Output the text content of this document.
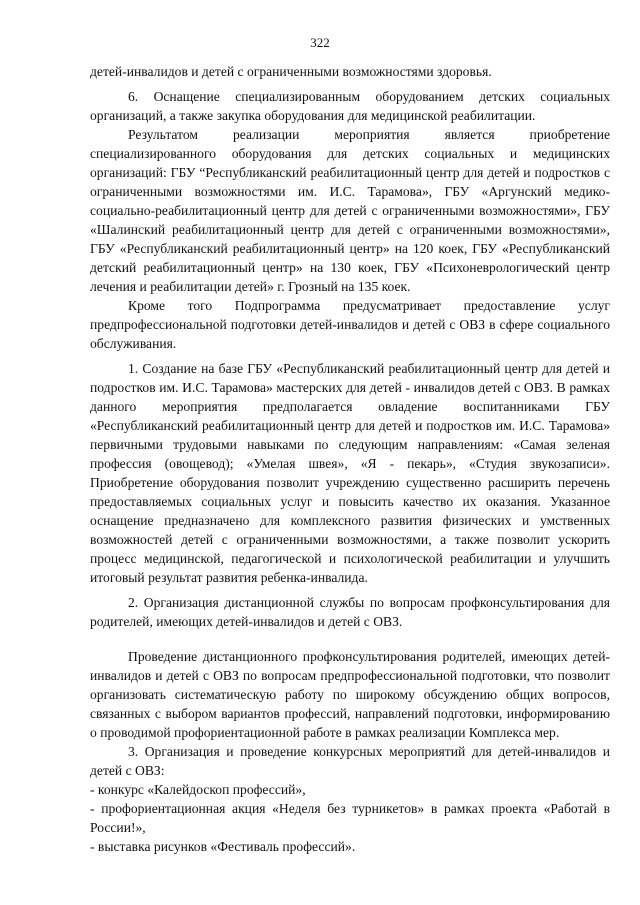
322

детей-инвалидов и детей с ограниченными возможностями здоровья.

6. Оснащение специализированным оборудованием детских социальных организаций, а также закупка оборудования для медицинской реабилитации.

Результатом реализации мероприятия является приобретение специализированного оборудования для детских социальных и медицинских организаций: ГБУ “Республиканский реабилитационный центр для детей и подростков с ограниченными возможностями им. И.С. Тарамова», ГБУ «Аргунский медико-социально-реабилитационный центр для детей с ограниченными возможностями», ГБУ «Шалинский реабилитационный центр для детей с ограниченными возможностями», ГБУ «Республиканский реабилитационный центр» на 120 коек, ГБУ «Республиканский детский реабилитационный центр» на 130 коек, ГБУ «Психоневрологический центр лечения и реабилитации детей» г. Грозный на 135 коек.

Кроме того Подпрограмма предусматривает предоставление услуг предпрофессиональной подготовки детей-инвалидов и детей с ОВЗ в сфере социального обслуживания.

1. Создание на базе ГБУ «Республиканский реабилитационный центр для детей и подростков им. И.С. Тарамова» мастерских для детей - инвалидов детей с ОВЗ. В рамках данного мероприятия предполагается овладение воспитанниками ГБУ «Республиканский реабилитационный центр для детей и подростков им. И.С. Тарамова» первичными трудовыми навыками по следующим направлениям: «Самая зеленая профессия (овощевод); «Умелая швея», «Я - пекарь», «Студия звукозаписи». Приобретение оборудования позволит учреждению существенно расширить перечень предоставляемых социальных услуг и повысить качество их оказания. Указанное оснащение предназначено для комплексного развития физических и умственных возможностей детей с ограниченными возможностями, а также позволит ускорить процесс медицинской, педагогической и психологической реабилитации и улучшить итоговый результат развития ребенка-инвалида.

2. Организация дистанционной службы по вопросам профконсультирования для родителей, имеющих детей-инвалидов и детей с ОВЗ.

Проведение дистанционного профконсультирования родителей, имеющих детей-инвалидов и детей с ОВЗ по вопросам предпрофессиональной подготовки, что позволит организовать систематическую работу по широкому обсуждению общих вопросов, связанных с выбором вариантов профессий, направлений подготовки, информированию о проводимой профориентационной работе в рамках реализации Комплекса мер.

3. Организация и проведение конкурсных мероприятий для детей-инвалидов и детей с ОВЗ:

- конкурс «Калейдоскоп профессий»,

- профориентационная акция «Неделя без турникетов» в рамках проекта «Работай в России!»,

- выставка рисунков «Фестиваль профессий».
